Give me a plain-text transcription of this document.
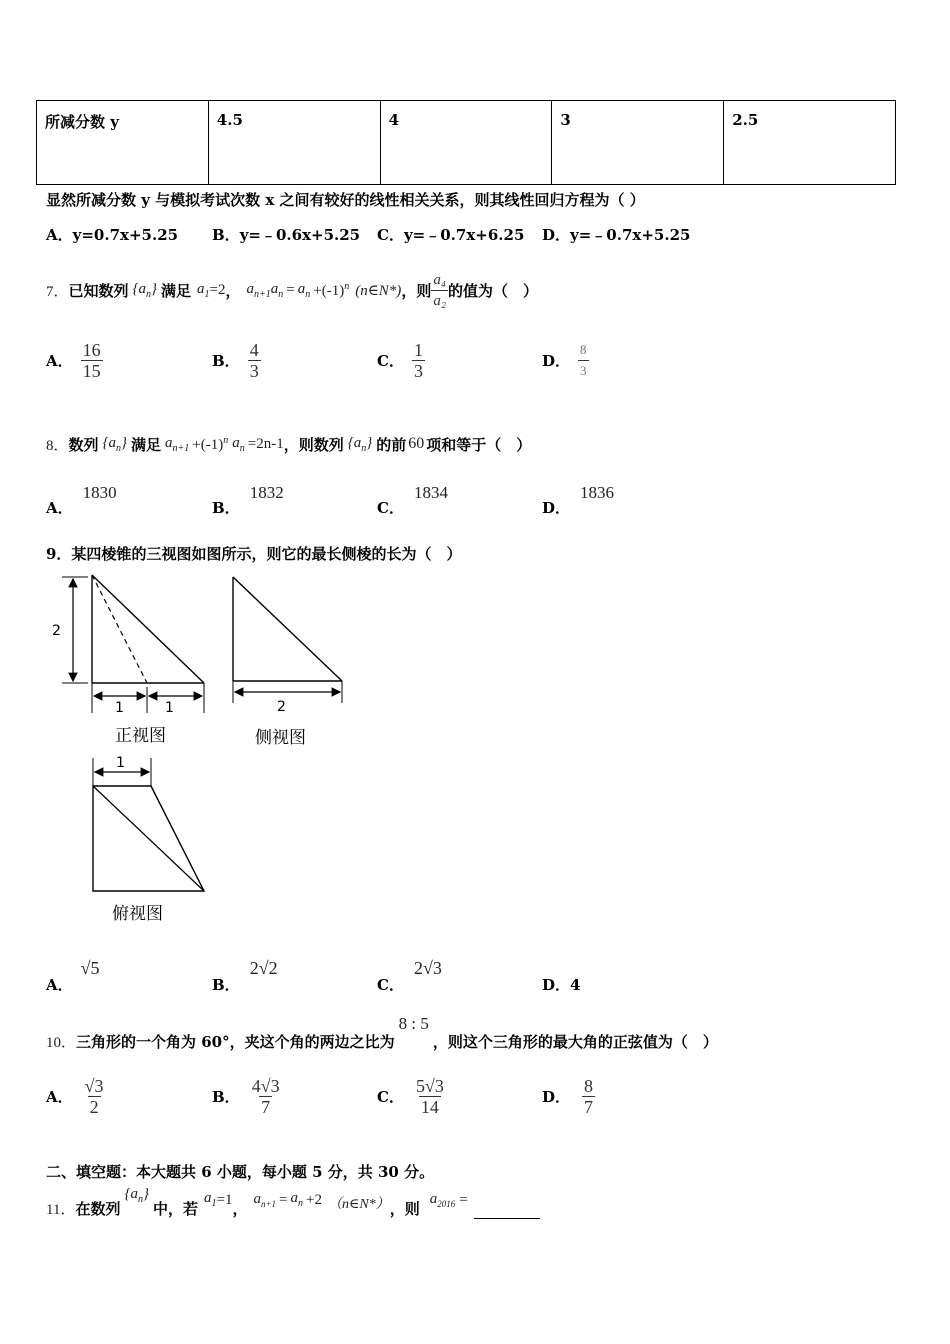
所减分数 y	4.5	4	3	2.5
显然所减分数 y 与模拟考试次数 x 之间有较好的线性相关关系，则其线性回归方程为（ ）
A．y=0.7x+5.25 B．y=﹣0.6x+5.25 C．y=﹣0.7x+6.25 D．y=﹣0.7x+5.25
7． 已知数列 $\{a_n\}$ 满足 $a_1 =2$ ， $a_{n+1}a_n = a_n +(-1)^n$ (n∈N*) ，则 $\frac{\text{a₄}}{\text{a₂}}$ 的值为（　）
A． $\frac{16}{15}$	B． $\frac{4}{3}$	C． $\frac{1}{3}$	D． $\frac{8}{3}$
8． 数列 $\{a_n\}$ 满足 $a_{n+1} +(-1)^n$ $a_n =2n-1$ ，则数列 $\{a_n\}$ 的前 60 项和等于（　）
A．1830
B．1832
C．1834
D．1836
9．某四棱锥的三视图如图所示，则它的最长侧棱的长为（　）
2
1	1
正视图
2
侧视图
1
俯视图
A．
√5
B．
2√2
C．
2√3
D．4
10． 三角形的一个角为 60°，夹这个角的两边之比为
8 : 5
，则这个三角形的最大角的正弦值为（　）
A． $\frac{√3}{2}$	B． $\frac{4√3}{7}$	C． $\frac{5√3}{14}$	D． $\frac{8}{7}$
二、填空题：本大题共 6 小题，每小题 5 分，共 30 分。
11． 在数列
$\{a_n\}$
中，若
$a_1 =1$ ，
$a_{n+1} = a_n +2$ （n∈N*） ，则
$a_{2016}$ =
